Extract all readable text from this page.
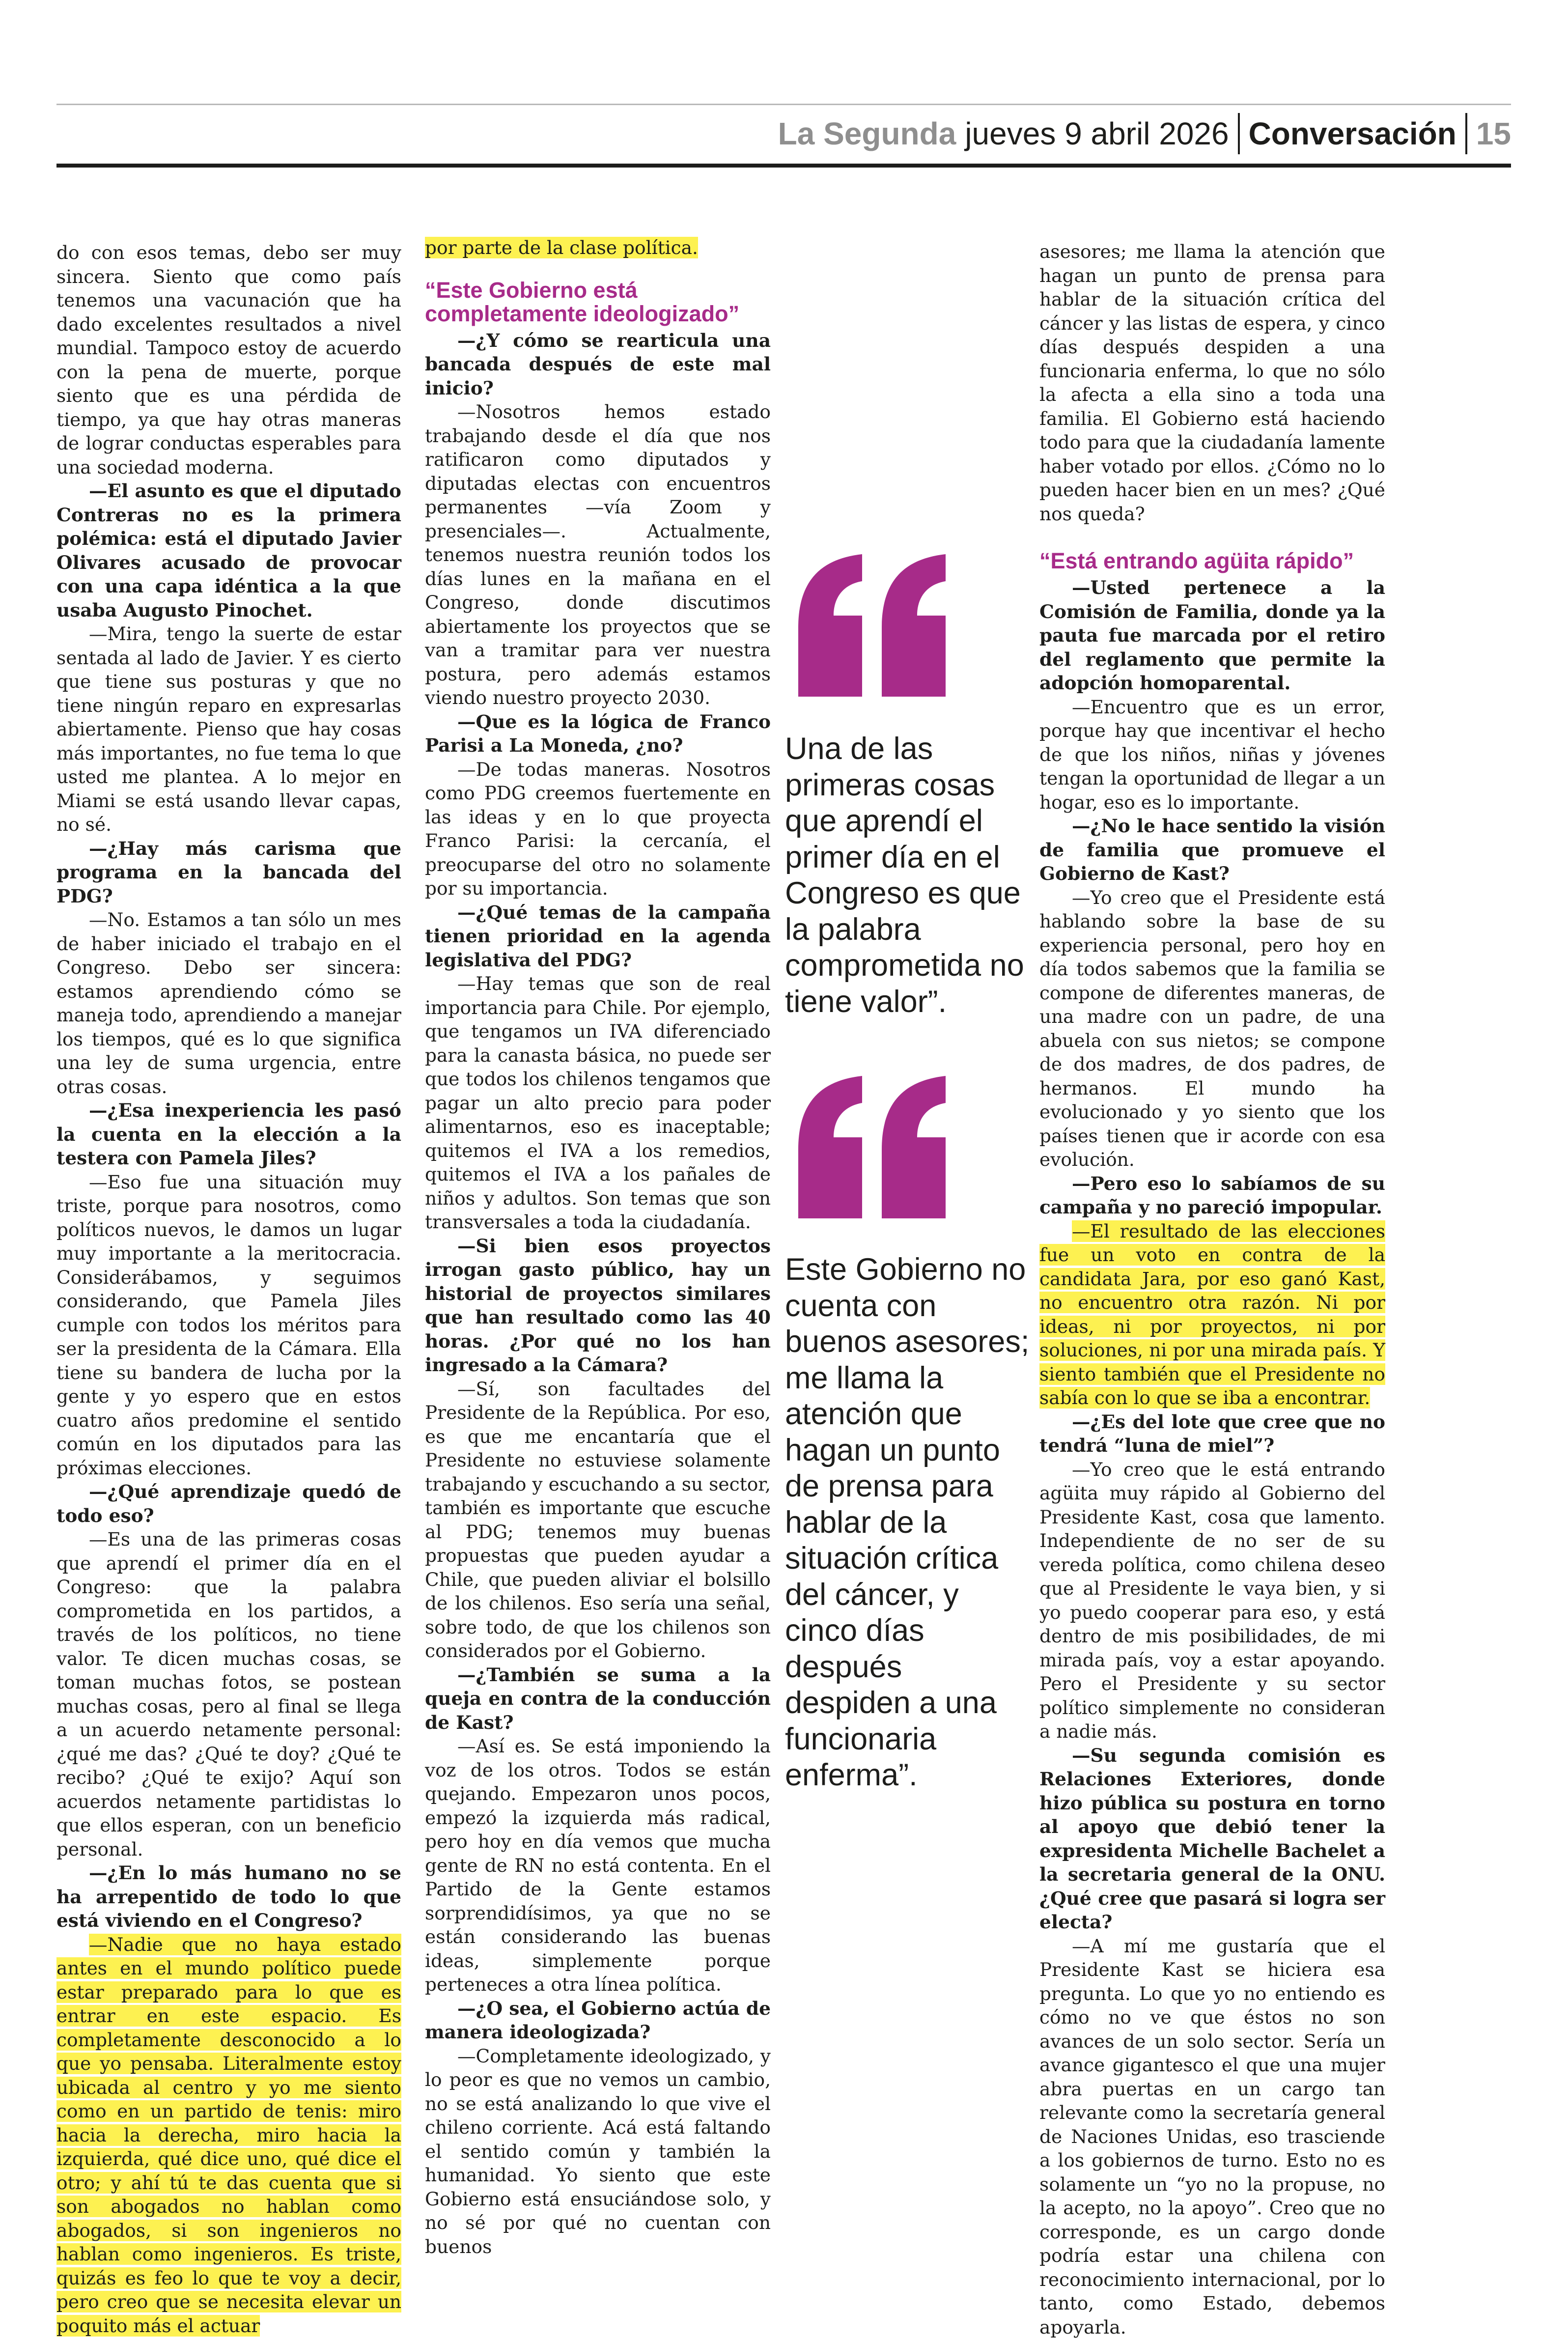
La Segunda jueves 9 abril 2026 Conversación 15

do con esos temas, debo ser muy sincera. Siento que como país tenemos una vacunación que ha dado excelentes resultados a nivel mundial. Tampoco estoy de acuerdo con la pena de muerte, porque siento que es una pérdida de tiempo, ya que hay otras maneras de lograr conductas esperables para una sociedad moderna.

—El asunto es que el diputado Contreras no es la primera polémica: está el diputado Javier Olivares acusado de provocar con una capa idéntica a la que usaba Augusto Pinochet.

—Mira, tengo la suerte de estar sentada al lado de Javier. Y es cierto que tiene sus posturas y que no tiene ningún reparo en expresarlas abiertamente. Pienso que hay cosas más importantes, no fue tema lo que usted me plantea. A lo mejor en Miami se está usando llevar capas, no sé.

—¿Hay más carisma que programa en la bancada del PDG?

—No. Estamos a tan sólo un mes de haber iniciado el trabajo en el Congreso. Debo ser sincera: estamos aprendiendo cómo se maneja todo, aprendiendo a manejar los tiempos, qué es lo que significa una ley de suma urgencia, entre otras cosas.

—¿Esa inexperiencia les pasó la cuenta en la elección a la testera con Pamela Jiles?

—Eso fue una situación muy triste, porque para nosotros, como políticos nuevos, le damos un lugar muy importante a la meritocracia. Considerábamos, y seguimos considerando, que Pamela Jiles cumple con todos los méritos para ser la presidenta de la Cámara. Ella tiene su bandera de lucha por la gente y yo espero que en estos cuatro años predomine el sentido común en los diputados para las próximas elecciones.

—¿Qué aprendizaje quedó de todo eso?

—Es una de las primeras cosas que aprendí el primer día en el Congreso: que la palabra comprometida en los partidos, a través de los políticos, no tiene valor. Te dicen muchas cosas, se toman muchas fotos, se postean muchas cosas, pero al final se llega a un acuerdo netamente personal: ¿qué me das? ¿Qué te doy? ¿Qué te recibo? ¿Qué te exijo? Aquí son acuerdos netamente partidistas lo que ellos esperan, con un beneficio personal.

—¿En lo más humano no se ha arrepentido de todo lo que está viviendo en el Congreso?

—Nadie que no haya estado antes en el mundo político puede estar preparado para lo que es entrar en este espacio. Es completamente desconocido a lo que yo pensaba. Literalmente estoy ubicada al centro y yo me siento como en un partido de tenis: miro hacia la derecha, miro hacia la izquierda, qué dice uno, qué dice el otro; y ahí tú te das cuenta que si son abogados no hablan como abogados, si son ingenieros no hablan como ingenieros. Es triste, quizás es feo lo que te voy a decir, pero creo que se necesita elevar un poquito más el actuar

por parte de la clase política.

“Este Gobierno está completamente ideologizado”

—¿Y cómo se rearticula una bancada después de este mal inicio?

—Nosotros hemos estado trabajando desde el día que nos ratificaron como diputados y diputadas electas con encuentros permanentes —vía Zoom y presenciales—. Actualmente, tenemos nuestra reunión todos los días lunes en la mañana en el Congreso, donde discutimos abiertamente los proyectos que se van a tramitar para ver nuestra postura, pero además estamos viendo nuestro proyecto 2030.

—Que es la lógica de Franco Parisi a La Moneda, ¿no?

—De todas maneras. Nosotros como PDG creemos fuertemente en las ideas y en lo que proyecta Franco Parisi: la cercanía, el preocuparse del otro no solamente por su importancia.

—¿Qué temas de la campaña tienen prioridad en la agenda legislativa del PDG?

—Hay temas que son de real importancia para Chile. Por ejemplo, que tengamos un IVA diferenciado para la canasta básica, no puede ser que todos los chilenos tengamos que pagar un alto precio para poder alimentarnos, eso es inaceptable; quitemos el IVA a los remedios, quitemos el IVA a los pañales de niños y adultos. Son temas que son transversales a toda la ciudadanía.

—Si bien esos proyectos irrogan gasto público, hay un historial de proyectos similares que han resultado como las 40 horas. ¿Por qué no los han ingresado a la Cámara?

—Sí, son facultades del Presidente de la República. Por eso, es que me encantaría que el Presidente no estuviese solamente trabajando y escuchando a su sector, también es importante que escuche al PDG; tenemos muy buenas propuestas que pueden ayudar a Chile, que pueden aliviar el bolsillo de los chilenos. Eso sería una señal, sobre todo, de que los chilenos son considerados por el Gobierno.

—¿También se suma a la queja en contra de la conducción de Kast?

—Así es. Se está imponiendo la voz de los otros. Todos se están quejando. Empezaron unos pocos, empezó la izquierda más radical, pero hoy en día vemos que mucha gente de RN no está contenta. En el Partido de la Gente estamos sorprendidísimos, ya que no se están considerando las buenas ideas, simplemente porque perteneces a otra línea política.

—¿O sea, el Gobierno actúa de manera ideologizada?

—Completamente ideologizado, y lo peor es que no vemos un cambio, no se está analizando lo que vive el chileno corriente. Acá está faltando el sentido común y también la humanidad. Yo siento que este Gobierno está ensuciándose solo, y no sé por qué no cuentan con buenos

Una de las primeras cosas que aprendí el primer día en el Congreso es que la palabra comprometida no tiene valor”.
Este Gobierno no cuenta con buenos asesores; me llama la atención que hagan un punto de prensa para hablar de la situación crítica del cáncer, y cinco días después despiden a una funcionaria enferma”.

asesores; me llama la atención que hagan un punto de prensa para hablar de la situación crítica del cáncer y las listas de espera, y cinco días después despiden a una funcionaria enferma, lo que no sólo la afecta a ella sino a toda una familia. El Gobierno está haciendo todo para que la ciudadanía lamente haber votado por ellos. ¿Cómo no lo pueden hacer bien en un mes? ¿Qué nos queda?

“Está entrando agüita rápido”

—Usted pertenece a la Comisión de Familia, donde ya la pauta fue marcada por el retiro del reglamento que permite la adopción homoparental.

—Encuentro que es un error, porque hay que incentivar el hecho de que los niños, niñas y jóvenes tengan la oportunidad de llegar a un hogar, eso es lo importante.

—¿No le hace sentido la visión de familia que promueve el Gobierno de Kast?

—Yo creo que el Presidente está hablando sobre la base de su experiencia personal, pero hoy en día todos sabemos que la familia se compone de diferentes maneras, de una madre con un padre, de una abuela con sus nietos; se compone de dos madres, de dos padres, de hermanos. El mundo ha evolucionado y yo siento que los países tienen que ir acorde con esa evolución.

—Pero eso lo sabíamos de su campaña y no pareció impopular.

—El resultado de las elecciones fue un voto en contra de la candidata Jara, por eso ganó Kast, no encuentro otra razón. Ni por ideas, ni por proyectos, ni por soluciones, ni por una mirada país. Y siento también que el Presidente no sabía con lo que se iba a encontrar.

—¿Es del lote que cree que no tendrá “luna de miel”?

—Yo creo que le está entrando agüita muy rápido al Gobierno del Presidente Kast, cosa que lamento. Independiente de no ser de su vereda política, como chilena deseo que al Presidente le vaya bien, y si yo puedo cooperar para eso, y está dentro de mis posibilidades, de mi mirada país, voy a estar apoyando. Pero el Presidente y su sector político simplemente no consideran a nadie más.

—Su segunda comisión es Relaciones Exteriores, donde hizo pública su postura en torno al apoyo que debió tener la expresidenta Michelle Bachelet a la secretaria general de la ONU. ¿Qué cree que pasará si logra ser electa?

—A mí me gustaría que el Presidente Kast se hiciera esa pregunta. Lo que yo no entiendo es cómo no ve que éstos no son avances de un solo sector. Sería un avance gigantesco el que una mujer abra puertas en un cargo tan relevante como la secretaría general de Naciones Unidas, eso trasciende a los gobiernos de turno. Esto no es solamente un “yo no la propuse, no la acepto, no la apoyo”. Creo que no corresponde, es un cargo donde podría estar una chilena con reconocimiento internacional, por lo tanto, como Estado, debemos apoyarla.
